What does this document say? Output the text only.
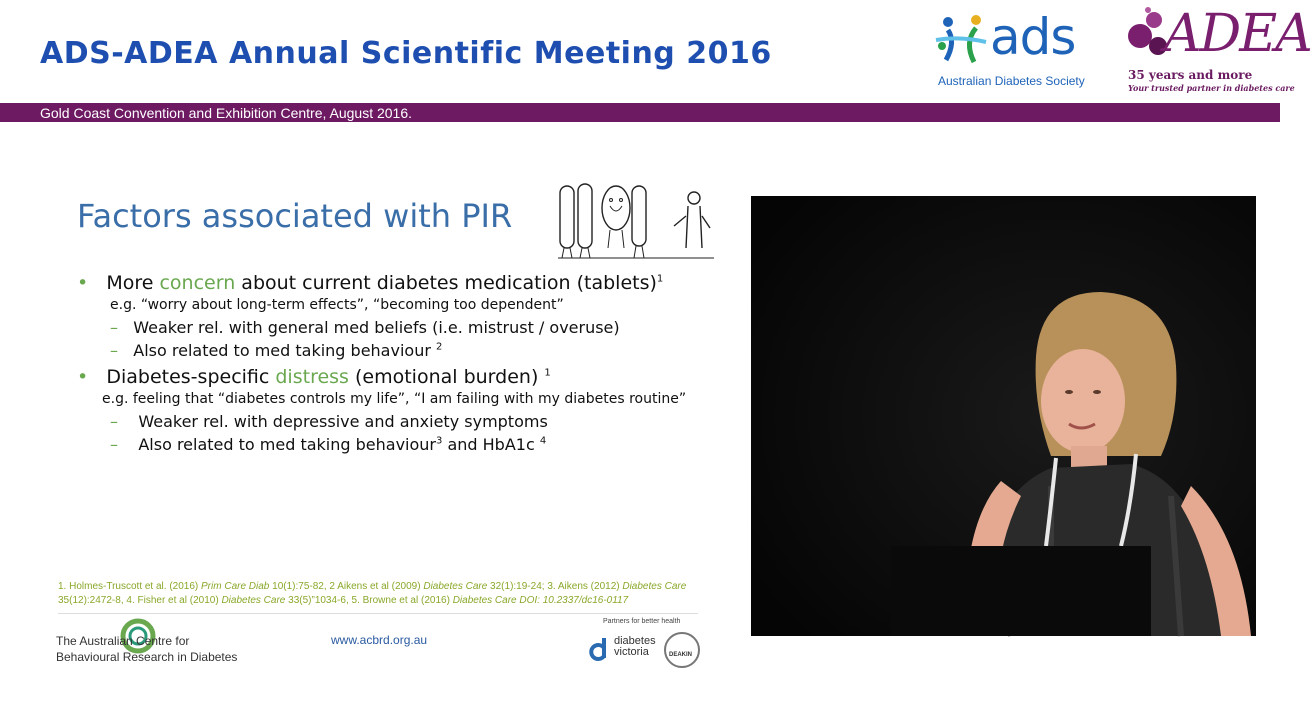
ADS-ADEA Annual Scientific Meeting 2016	ads
Australian Diabetes Society
ADEA
35 years and more
Your trusted partner in diabetes care
Gold Coast Convention and Exhibition Centre, August 2016.
Factors associated with PIR
• More concern about current diabetes medication (tablets)$^1$
e.g. “worry about long-term effects”, “becoming too dependent”
– Weaker rel. with general med beliefs (i.e. mistrust / overuse)
– Also related to med taking behaviour $^2$
• Diabetes-specific distress (emotional burden) $^1$
e.g. feeling that “diabetes controls my life”, “I am failing with my diabetes routine”
– Weaker rel. with depressive and anxiety symptoms
– Also related to med taking behaviour$^3$ and HbA1c $^4$
1. Holmes-Truscott et al. (2016) Prim Care Diab 10(1):75-82, 2 Aikens et al (2009) Diabetes Care 32(1):19-24; 3. Aikens (2012) Diabetes Care
35(12):2472-8, 4. Fisher et al (2010) Diabetes Care 33(5)”1034-6, 5. Browne et al (2016) Diabetes Care DOI: 10.2337/dc16-0117
The Australian Centre for
Behavioural Research in Diabetes
www.acbrd.org.au
Partners for better health
diabetes
victoria	DEAKIN
